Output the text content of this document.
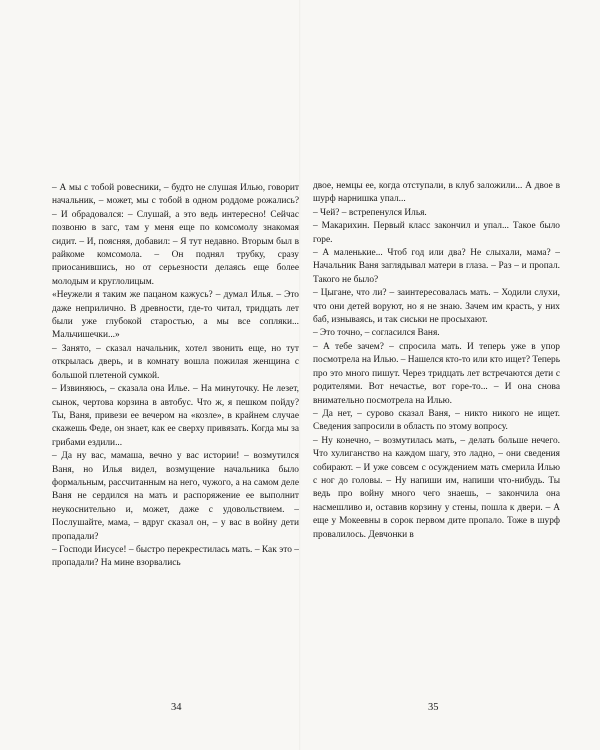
– А мы с тобой ровесники, – будто не слушая Илью, говорит начальник, – может, мы с тобой в одном роддоме рожались? – И обрадовался: – Слушай, а это ведь интересно! Сейчас позвоню в загс, там у меня еще по комсомолу знакомая сидит. – И, поясняя, добавил: – Я тут недавно. Вторым был в райкоме комсомола. – Он поднял трубку, сразу приосанившись, но от серьезности делаясь еще более молодым и круглолицым.

«Неужели я таким же пацаном кажусь? – думал Илья. – Это даже неприлично. В древности, где-то читал, тридцать лет были уже глубокой старостью, а мы все сопляки... Мальчишечки...»

– Занято, – сказал начальник, хотел звонить еще, но тут открылась дверь, и в комнату вошла пожилая женщина с большой плетеной сумкой.

– Извиняюсь, – сказала она Илье. – На минуточку. Не лезет, сынок, чертова корзина в автобус. Что ж, я пешком пойду? Ты, Ваня, привези ее вечером на «козле», в крайнем случае скажешь Феде, он знает, как ее сверху привязать. Когда мы за грибами ездили...

– Да ну вас, мамаша, вечно у вас истории! – возмутился Ваня, но Илья видел, возмущение начальника было формальным, рассчитанным на него, чужого, а на самом деле Ваня не сердился на мать и распоряжение ее выполнит неукоснительно и, может, даже с удовольствием. – Послушайте, мама, – вдруг сказал он, – у вас в войну дети пропадали?

– Господи Иисусе! – быстро перекрестилась мать. – Как это – пропадали? На мине взорвались

двое, немцы ее, когда отступали, в клуб заложили... А двое в шурф нарнишка упал...

– Чей? – встрепенулся Илья.

– Макарихин. Первый класс закончил и упал... Такое было горе.

– А маленькие... Чтоб год или два? Не слыхали, мама? – Начальник Ваня заглядывал матери в глаза. – Раз – и пропал. Такого не было?

– Цыгане, что ли? – заинтересовалась мать. – Ходили слухи, что они детей воруют, но я не знаю. Зачем им красть, у них баб, изнываясь, и так сиськи не просыхают.

– Это точно, – согласился Ваня.

– А тебе зачем? – спросила мать. И теперь уже в упор посмотрела на Илью. – Нашелся кто-то или кто ищет? Теперь про это много пишут. Через тридцать лет встречаются дети с родителями. Вот нечастье, вот горе-то... – И она снова внимательно посмотрела на Илью.

– Да нет, – сурово сказал Ваня, – никто никого не ищет. Сведения запросили в область по этому вопросу.

– Ну конечно, – возмутилась мать, – делать больше нечего. Что хулиганство на каждом шагу, это ладно, – они сведения собирают. – И уже совсем с осуждением мать смерила Илью с ног до головы. – Ну напиши им, напиши что-нибудь. Ты ведь про войну много чего знаешь, – закончила она насмешливо и, оставив корзину у стены, пошла к двери. – А еще у Мокеевны в сорок первом дите пропало. Тоже в шурф провалилось. Девчонки в

34	35
